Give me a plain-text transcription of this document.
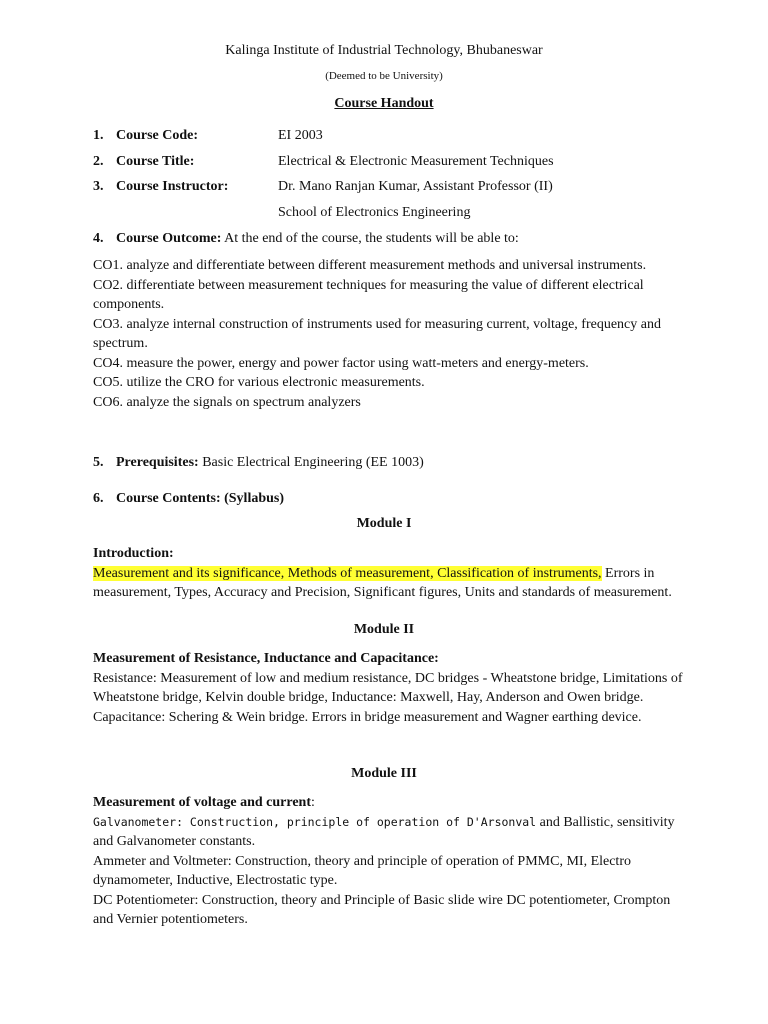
Kalinga Institute of Industrial Technology, Bhubaneswar
(Deemed to be University)
Course Handout
1. Course Code:	EI 2003
2. Course Title:	Electrical & Electronic Measurement Techniques
3. Course Instructor:	Dr. Mano Ranjan Kumar, Assistant Professor (II)
School of Electronics Engineering
4. Course Outcome: At the end of the course, the students will be able to:
CO1. analyze and differentiate between different measurement methods and universal instruments.
CO2. differentiate between measurement techniques for measuring the value of different electrical components.
CO3. analyze internal construction of instruments used for measuring current, voltage, frequency and spectrum.
CO4. measure the power, energy and power factor using watt-meters and energy-meters.
CO5. utilize the CRO for various electronic measurements.
CO6. analyze the signals on spectrum analyzers
5. Prerequisites: Basic Electrical Engineering (EE 1003)
6. Course Contents: (Syllabus)
Module I
Introduction:
Measurement and its significance, Methods of measurement, Classification of instruments, Errors in measurement, Types, Accuracy and Precision, Significant figures, Units and standards of measurement.
Module II
Measurement of Resistance, Inductance and Capacitance:
Resistance: Measurement of low and medium resistance, DC bridges - Wheatstone bridge, Limitations of Wheatstone bridge, Kelvin double bridge, Inductance: Maxwell, Hay, Anderson and Owen bridge.
Capacitance: Schering & Wein bridge. Errors in bridge measurement and Wagner earthing device.
Module III
Measurement of voltage and current:
Galvanometer: Construction, principle of operation of D'Arsonval and Ballistic, sensitivity and Galvanometer constants.
Ammeter and Voltmeter: Construction, theory and principle of operation of PMMC, MI, Electro dynamometer, Inductive, Electrostatic type.
DC Potentiometer: Construction, theory and Principle of Basic slide wire DC potentiometer, Crompton and Vernier potentiometers.
